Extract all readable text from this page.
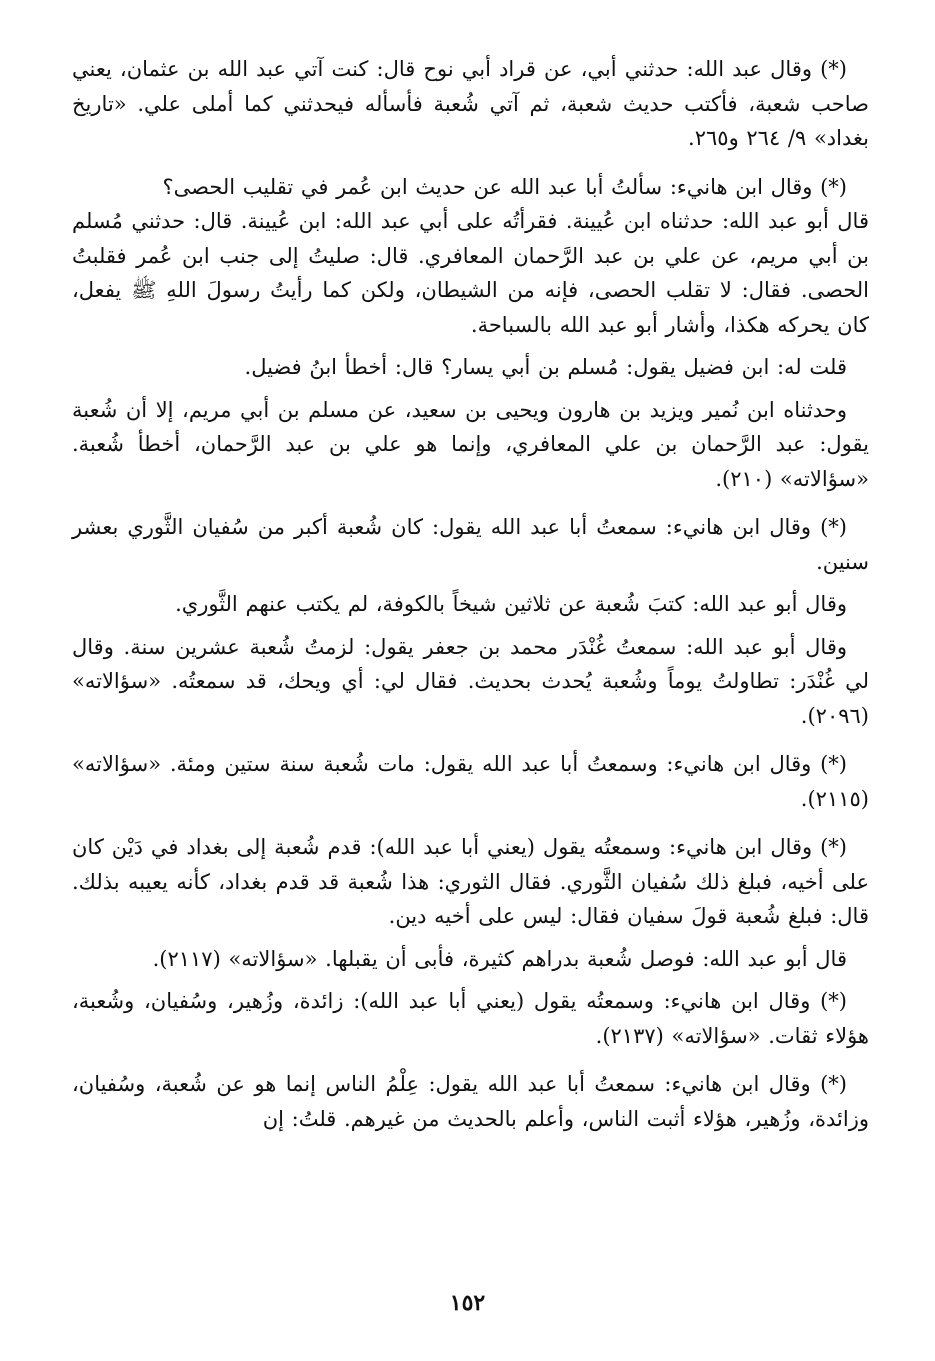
(*) وقال عبد الله: حدثني أبي، عن قراد أبي نوح قال: كنت آتي عبد الله بن عثمان، يعني صاحب شعبة، فأكتب حديث شعبة، ثم آتي شُعبة فأسأله فيحدثني كما أملى علي. «تاريخ بغداد» ٩/ ٢٦٤ و٢٦٥.

(*) وقال ابن هانيء: سألتُ أبا عبد الله عن حديث ابن عُمر في تقليب الحصى؟

قال أبو عبد الله: حدثناه ابن عُيينة. فقرأتُه على أبي عبد الله: ابن عُيينة. قال: حدثني مُسلم بن أبي مريم، عن علي بن عبد الرَّحمان المعافري. قال: صليتُ إلى جنب ابن عُمر فقلبتُ الحصى. فقال: لا تقلب الحصى، فإنه من الشيطان، ولكن كما رأيتُ رسولَ اللهِ ﷺ يفعل، كان يحركه هكذا، وأشار أبو عبد الله بالسباحة.

قلت له: ابن فضيل يقول: مُسلم بن أبي يسار؟ قال: أخطأ ابنُ فضيل.

وحدثناه ابن نُمير ويزيد بن هارون ويحيى بن سعيد، عن مسلم بن أبي مريم، إلا أن شُعبة يقول: عبد الرَّحمان بن علي المعافري، وإنما هو علي بن عبد الرَّحمان، أخطأ شُعبة. «سؤالاته» (٢١٠).

(*) وقال ابن هانيء: سمعتُ أبا عبد الله يقول: كان شُعبة أكبر من سُفيان الثَّوري بعشر سنين.

وقال أبو عبد الله: كتبَ شُعبة عن ثلاثين شيخاً بالكوفة، لم يكتب عنهم الثَّوري.

وقال أبو عبد الله: سمعتُ غُنْدَر محمد بن جعفر يقول: لزمتُ شُعبة عشرين سنة. وقال لي غُنْدَر: تطاولتُ يوماً وشُعبة يُحدث بحديث. فقال لي: أي ويحك، قد سمعتُه. «سؤالاته» (٢٠٩٦).

(*) وقال ابن هانيء: وسمعتُ أبا عبد الله يقول: مات شُعبة سنة ستين ومئة. «سؤالاته» (٢١١٥).

(*) وقال ابن هانيء: وسمعتُه يقول (يعني أبا عبد الله): قدم شُعبة إلى بغداد في دَيْن كان على أخيه، فبلغ ذلك سُفيان الثَّوري. فقال الثوري: هذا شُعبة قد قدم بغداد، كأنه يعيبه بذلك. قال: فبلغ شُعبة قولَ سفيان فقال: ليس على أخيه دين.

قال أبو عبد الله: فوصل شُعبة بدراهم كثيرة، فأبى أن يقبلها. «سؤالاته» (٢١١٧).

(*) وقال ابن هانيء: وسمعتُه يقول (يعني أبا عبد الله): زائدة، وزُهير، وسُفيان، وشُعبة، هؤلاء ثقات. «سؤالاته» (٢١٣٧).

(*) وقال ابن هانيء: سمعتُ أبا عبد الله يقول: عِلْمُ الناس إنما هو عن شُعبة، وسُفيان، وزائدة، وزُهير، هؤلاء أثبت الناس، وأعلم بالحديث من غيرهم. قلتُ: إن

١٥٢
